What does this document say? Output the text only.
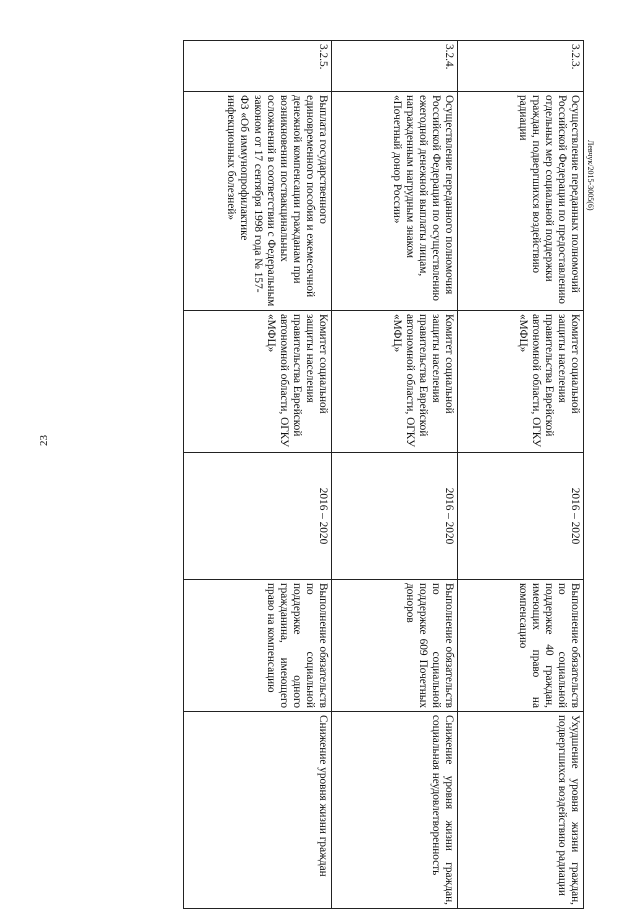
23
Левчук/2015-3005(6)
3.2.3.	Осуществление переданных полномочий Российской Федерации по предоставлению отдельных мер социальной поддержки граждан, подвергшихся воздействию радиации	Комитет социальной защиты населения правительства Еврейской автономной области, ОГКУ «МФЦ»	2016 – 2020	Выполнение обязательств по социальной поддержке 40 граждан, имеющих право на компенсацию	Ухудшение уровня жизни граждан, подвергшихся воздействию радиации
3.2.4.	Осуществление переданного полномочия Российской Федерации по осуществлению ежегодной денежной выплаты лицам, награжденным нагрудным знаком «Почетный донор России»	Комитет социальной защиты населения правительства Еврейской автономной области, ОГКУ «МФЦ»	2016 – 2020	Выполнение обязательств по социальной поддержке 609 Почетных доноров	Снижение уровня жизни граждан, социальная неудовлетворенность
3.2.5.	Выплата государственного единовременного пособия и ежемесячной денежной компенсации гражданам при возникновении поствакцинальных осложнений в соответствии с Федеральным законом от 17 сентября 1998 года № 157-ФЗ «Об иммунопрофилактике инфекционных болезней»	Комитет социальной защиты населения правительства Еврейской автономной области, ОГКУ «МФЦ»	2016 – 2020	Выполнение обязательств по социальной поддержке одного гражданина, имеющего право на компенсацию	Снижение уровня жизни граждан
